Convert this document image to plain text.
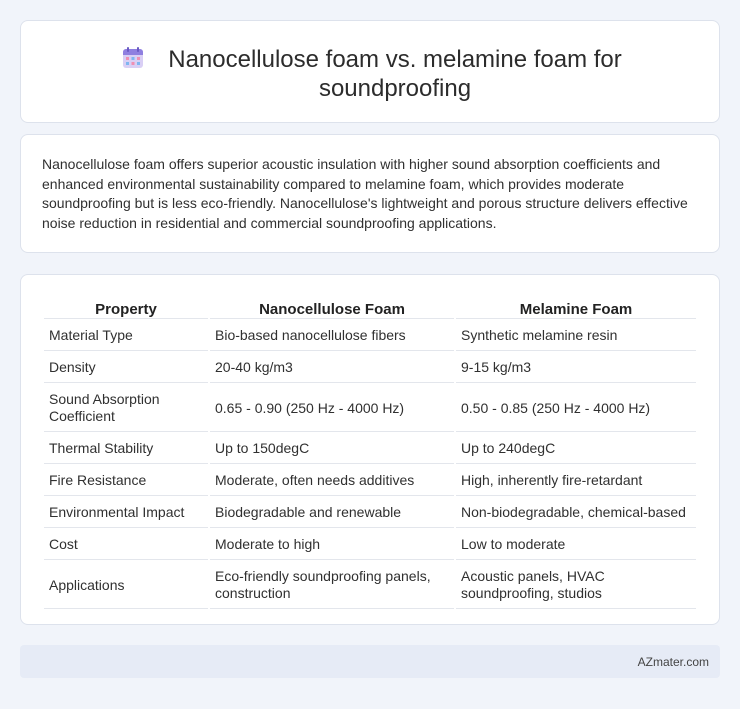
Nanocellulose foam vs. melamine foam for soundproofing

Nanocellulose foam offers superior acoustic insulation with higher sound absorption coefficients and enhanced environmental sustainability compared to melamine foam, which provides moderate soundproofing but is less eco-friendly. Nanocellulose's lightweight and porous structure delivers effective noise reduction in residential and commercial soundproofing applications.

Property	Nanocellulose Foam	Melamine Foam
Material Type	Bio-based nanocellulose fibers	Synthetic melamine resin
Density	20-40 kg/m3	9-15 kg/m3
Sound Absorption Coefficient	0.65 - 0.90 (250 Hz - 4000 Hz)	0.50 - 0.85 (250 Hz - 4000 Hz)
Thermal Stability	Up to 150degC	Up to 240degC
Fire Resistance	Moderate, often needs additives	High, inherently fire-retardant
Environmental Impact	Biodegradable and renewable	Non-biodegradable, chemical-based
Cost	Moderate to high	Low to moderate
Applications	Eco-friendly soundproofing panels, construction	Acoustic panels, HVAC soundproofing, studios
AZmater.com
